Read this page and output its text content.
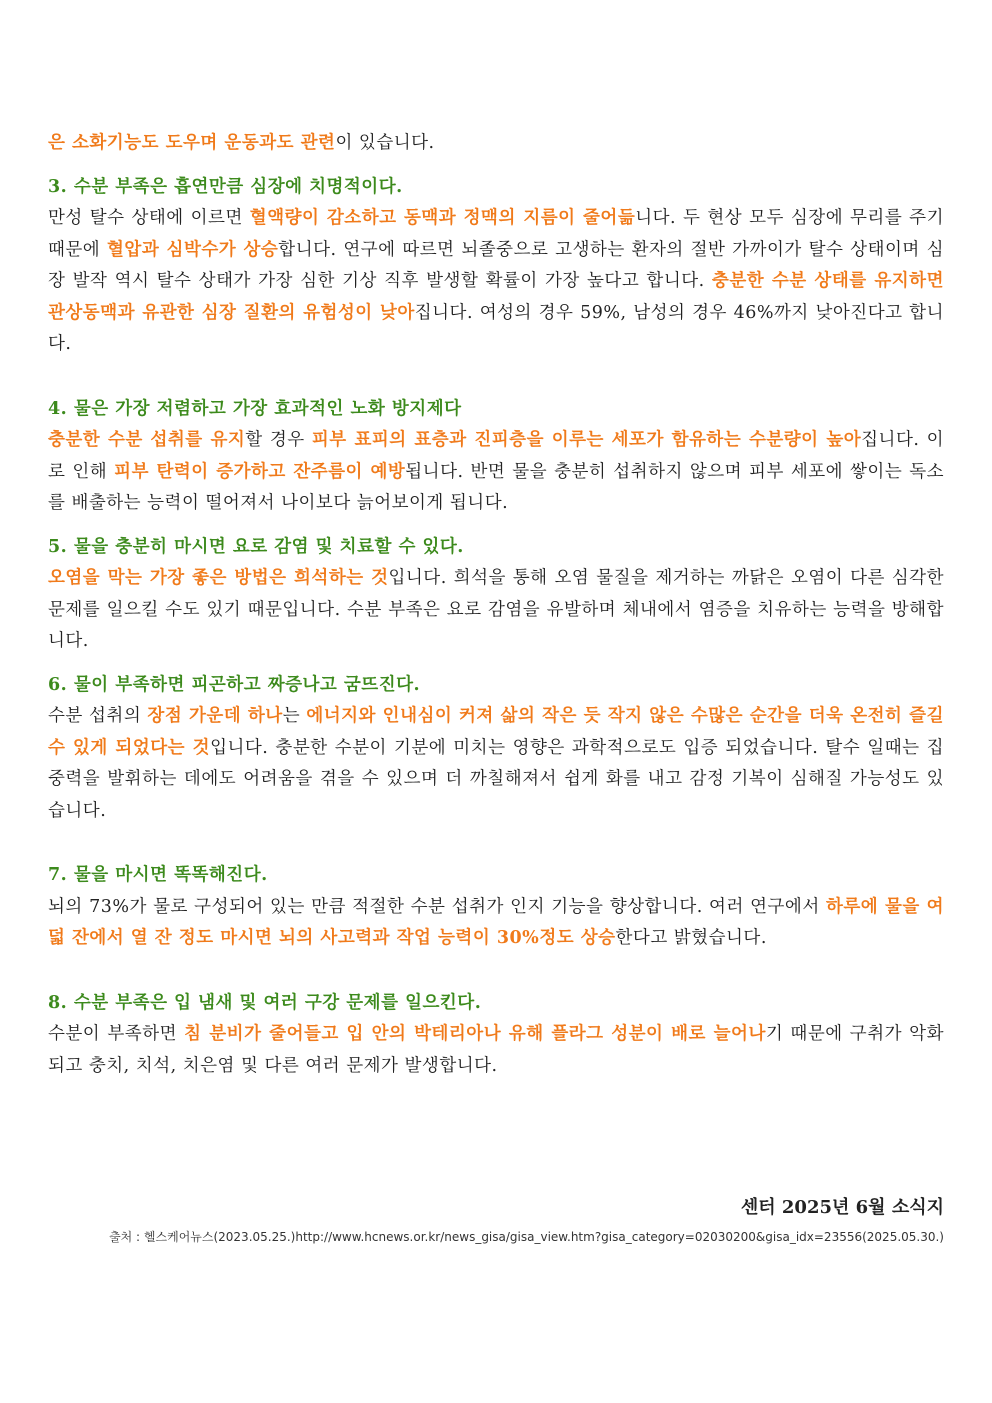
은 소화기능도 도우며 운동과도 관련이 있습니다.

3. 수분 부족은 흡연만큼 심장에 치명적이다.

만성 탈수 상태에 이르면 혈액량이 감소하고 동맥과 정맥의 지름이 줄어듦니다. 두 현상 모두 심장에 무리를 주기 때문에 혈압과 심박수가 상승합니다. 연구에 따르면 뇌졸중으로 고생하는 환자의 절반 가까이가 탈수 상태이며 심장 발작 역시 탈수 상태가 가장 심한 기상 직후 발생할 확률이 가장 높다고 합니다. 충분한 수분 상태를 유지하면 관상동맥과 유관한 심장 질환의 유험성이 낮아집니다. 여성의 경우 59%, 남성의 경우 46%까지 낮아진다고 합니다.

4. 물은 가장 저렴하고 가장 효과적인 노화 방지제다

충분한 수분 섭취를 유지할 경우 피부 표피의 표층과 진피층을 이루는 세포가 함유하는 수분량이 높아집니다. 이로 인해 피부 탄력이 증가하고 잔주름이 예방됩니다. 반면 물을 충분히 섭취하지 않으며 피부 세포에 쌓이는 독소를 배출하는 능력이 떨어져서 나이보다 늙어보이게 됩니다.

5. 물을 충분히 마시면 요로 감염 및 치료할 수 있다.

오염을 막는 가장 좋은 방법은 희석하는 것입니다. 희석을 통해 오염 물질을 제거하는 까닭은 오염이 다른 심각한 문제를 일으킬 수도 있기 때문입니다. 수분 부족은 요로 감염을 유발하며 체내에서 염증을 치유하는 능력을 방해합니다.

6. 물이 부족하면 피곤하고 짜증나고 굼뜨진다.

수분 섭취의 장점 가운데 하나는 에너지와 인내심이 커져 삶의 작은 듯 작지 않은 수많은 순간을 더욱 온전히 즐길 수 있게 되었다는 것입니다. 충분한 수분이 기분에 미치는 영향은 과학적으로도 입증 되었습니다. 탈수 일때는 집중력을 발휘하는 데에도 어려움을 겪을 수 있으며 더 까칠해져서 쉽게 화를 내고 감정 기복이 심해질 가능성도 있습니다.

7. 물을 마시면 똑똑해진다.

뇌의 73%가 물로 구성되어 있는 만큼 적절한 수분 섭취가 인지 기능을 향상합니다. 여러 연구에서 하루에 물을 여덟 잔에서 열 잔 정도 마시면 뇌의 사고력과 작업 능력이 30%정도 상승한다고 밝혔습니다.

8. 수분 부족은 입 냄새 및 여러 구강 문제를 일으킨다.

수분이 부족하면 침 분비가 줄어들고 입 안의 박테리아나 유해 플라그 성분이 배로 늘어나기 때문에 구취가 악화되고 충치, 치석, 치은염 및 다른 여러 문제가 발생합니다.

센터 2025년 6월 소식지
출처 : 헬스케어뉴스(2023.05.25.)http://www.hcnews.or.kr/news_gisa/gisa_view.htm?gisa_category=02030200&gisa_idx=23556(2025.05.30.)
